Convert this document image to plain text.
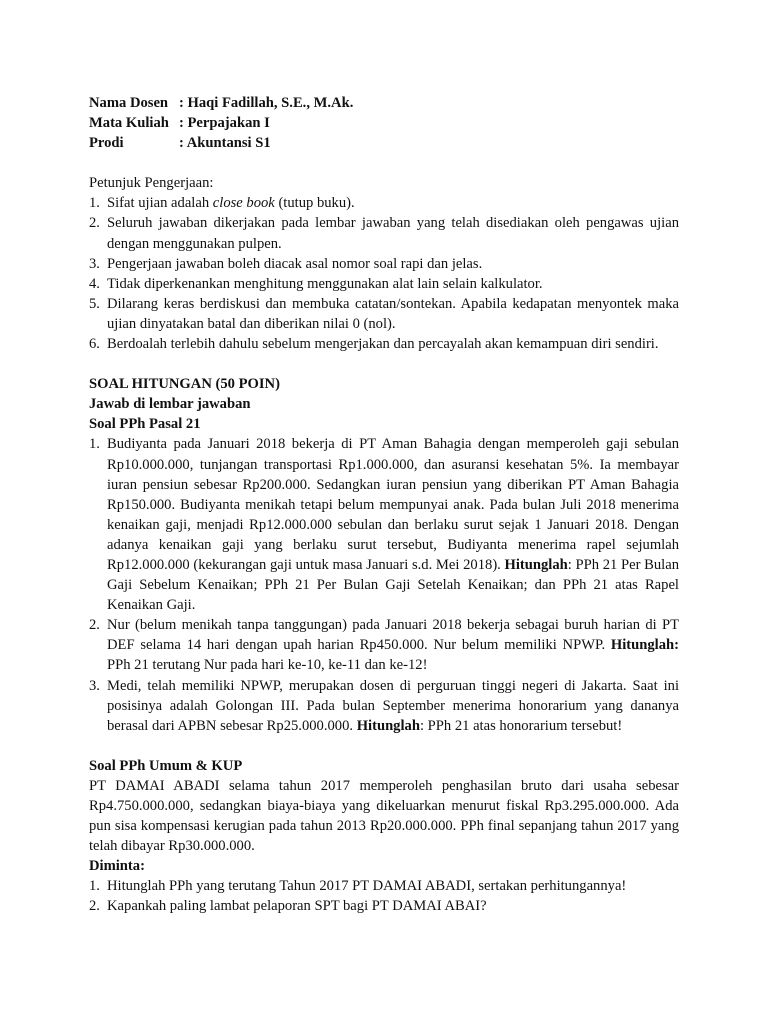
Nama Dosen : Haqi Fadillah, S.E., M.Ak.
Mata Kuliah : Perpajakan I
Prodi	: Akuntansi S1
Petunjuk Pengerjaan:
1. Sifat ujian adalah close book (tutup buku).
2. Seluruh jawaban dikerjakan pada lembar jawaban yang telah disediakan oleh pengawas ujian dengan menggunakan pulpen.
3. Pengerjaan jawaban boleh diacak asal nomor soal rapi dan jelas.
4. Tidak diperkenankan menghitung menggunakan alat lain selain kalkulator.
5. Dilarang keras berdiskusi dan membuka catatan/sontekan. Apabila kedapatan menyontek maka ujian dinyatakan batal dan diberikan nilai 0 (nol).
6. Berdoalah terlebih dahulu sebelum mengerjakan dan percayalah akan kemampuan diri sendiri.
SOAL HITUNGAN (50 POIN)
Jawab di lembar jawaban
Soal PPh Pasal 21
1. Budiyanta pada Januari 2018 bekerja di PT Aman Bahagia dengan memperoleh gaji sebulan Rp10.000.000, tunjangan transportasi Rp1.000.000, dan asuransi kesehatan 5%. Ia membayar iuran pensiun sebesar Rp200.000. Sedangkan iuran pensiun yang diberikan PT Aman Bahagia Rp150.000. Budiyanta menikah tetapi belum mempunyai anak. Pada bulan Juli 2018 menerima kenaikan gaji, menjadi Rp12.000.000 sebulan dan berlaku surut sejak 1 Januari 2018. Dengan adanya kenaikan gaji yang berlaku surut tersebut, Budiyanta menerima rapel sejumlah Rp12.000.000 (kekurangan gaji untuk masa Januari s.d. Mei 2018). Hitunglah: PPh 21 Per Bulan Gaji Sebelum Kenaikan; PPh 21 Per Bulan Gaji Setelah Kenaikan; dan PPh 21 atas Rapel Kenaikan Gaji.
2. Nur (belum menikah tanpa tanggungan) pada Januari 2018 bekerja sebagai buruh harian di PT DEF selama 14 hari dengan upah harian Rp450.000. Nur belum memiliki NPWP. Hitunglah: PPh 21 terutang Nur pada hari ke-10, ke-11 dan ke-12!
3. Medi, telah memiliki NPWP, merupakan dosen di perguruan tinggi negeri di Jakarta. Saat ini posisinya adalah Golongan III. Pada bulan September menerima honorarium yang dananya berasal dari APBN sebesar Rp25.000.000. Hitunglah: PPh 21 atas honorarium tersebut!
Soal PPh Umum & KUP
PT DAMAI ABADI selama tahun 2017 memperoleh penghasilan bruto dari usaha sebesar Rp4.750.000.000, sedangkan biaya-biaya yang dikeluarkan menurut fiskal Rp3.295.000.000. Ada pun sisa kompensasi kerugian pada tahun 2013 Rp20.000.000. PPh final sepanjang tahun 2017 yang telah dibayar Rp30.000.000.
Diminta:
1. Hitunglah PPh yang terutang Tahun 2017 PT DAMAI ABADI, sertakan perhitungannya!
2. Kapankah paling lambat pelaporan SPT bagi PT DAMAI ABAI?
